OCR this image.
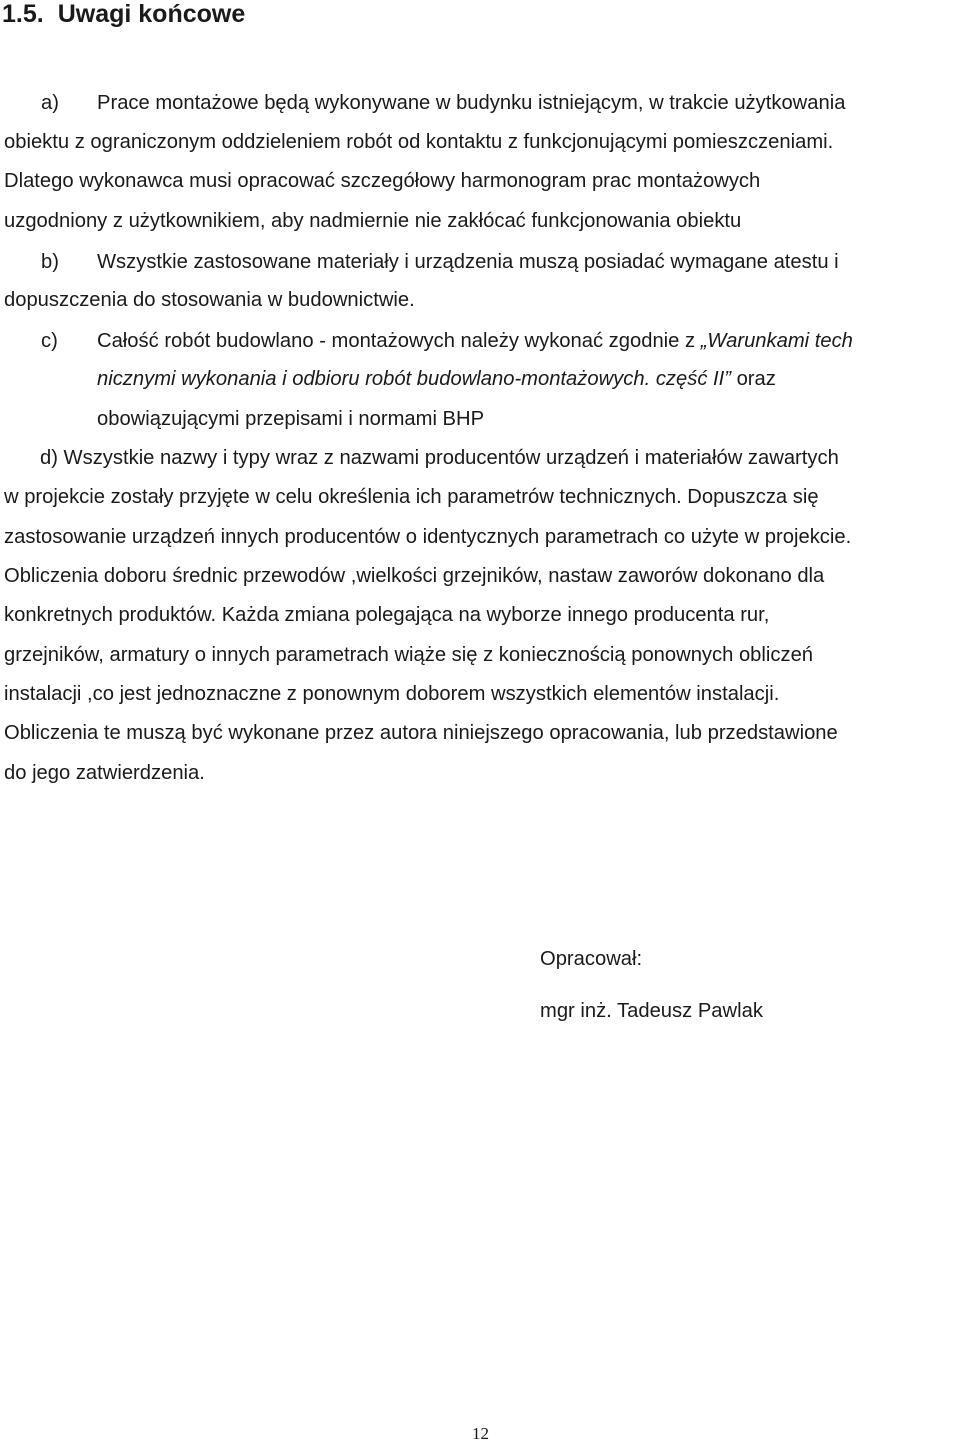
1.5. Uwagi końcowe
a) Prace montażowe będą wykonywane w budynku istniejącym, w trakcie użytkowania
obiektu z ograniczonym oddzieleniem robót od kontaktu z funkcjonującymi pomieszczeniami.
Dlatego wykonawca musi opracować szczegółowy harmonogram prac montażowych
uzgodniony z użytkownikiem, aby nadmiernie nie zakłócać funkcjonowania obiektu
b) Wszystkie zastosowane materiały i urządzenia muszą posiadać wymagane atestu i
dopuszczenia do stosowania w budownictwie.
c) Całość robót budowlano - montażowych należy wykonać zgodnie z „Warunkami tech
nicznymi wykonania i odbioru robót budowlano-montażowych. część II” oraz
obowiązującymi przepisami i normami BHP
d) Wszystkie nazwy i typy wraz z nazwami producentów urządzeń i materiałów zawartych
w projekcie zostały przyjęte w celu określenia ich parametrów technicznych. Dopuszcza się
zastosowanie urządzeń innych producentów o identycznych parametrach co użyte w projekcie.
Obliczenia doboru średnic przewodów ,wielkości grzejników, nastaw zaworów dokonano dla
konkretnych produktów. Każda zmiana polegająca na wyborze innego producenta rur,
grzejników, armatury o innych parametrach wiąże się z koniecznością ponownych obliczeń
instalacji ,co jest jednoznaczne z ponownym doborem wszystkich elementów instalacji.
Obliczenia te muszą być wykonane przez autora niniejszego opracowania, lub przedstawione
do jego zatwierdzenia.
Opracował:
mgr inż. Tadeusz Pawlak
12
